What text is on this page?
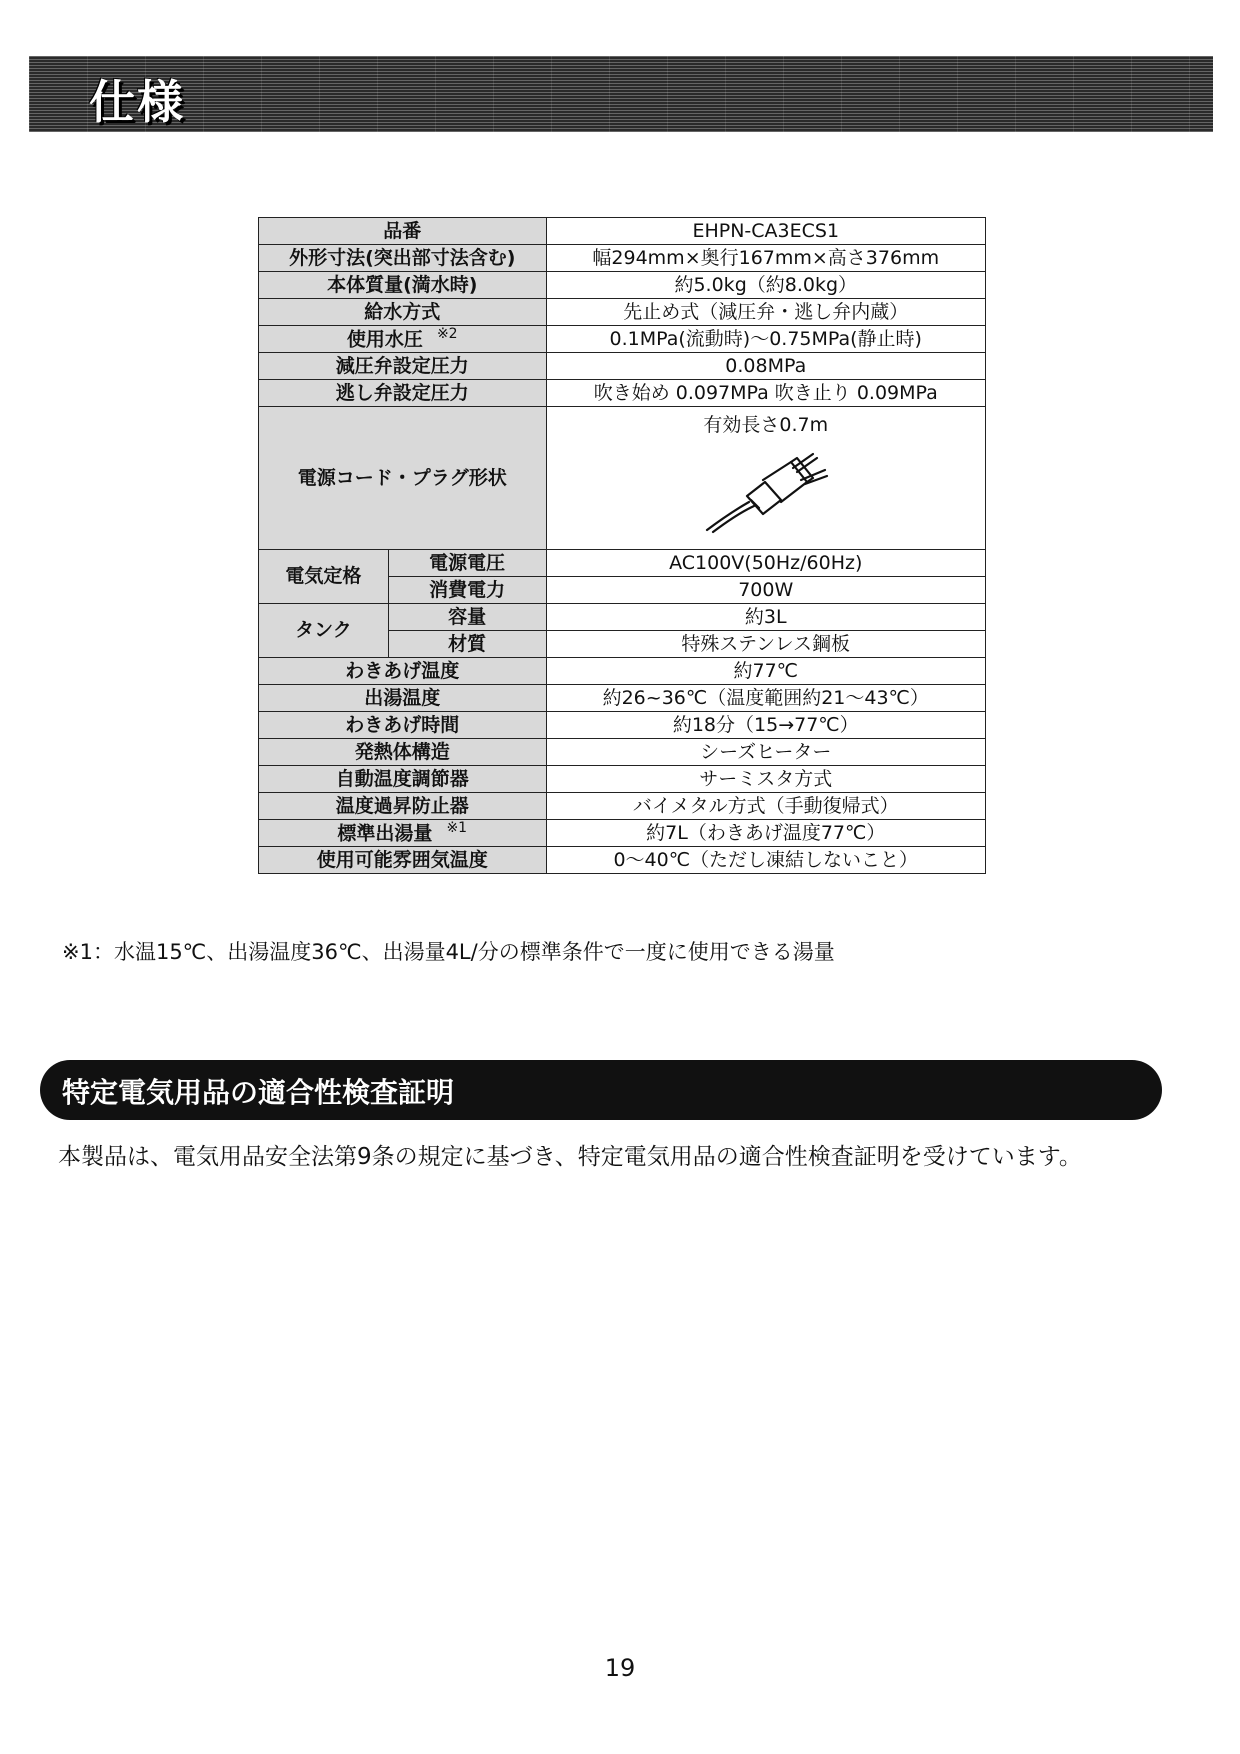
仕様
品番		EHPN-CA3ECS1
外形寸法(突出部寸法含む)		幅294mm×奥行167mm×高さ376mm
本体質量(満水時)		約5.0kg（約8.0kg）
給水方式		先止め式（減圧弁・逃し弁内蔵）
使用水圧 $^{※2}$		0.1MPa(流動時)〜0.75MPa(静止時)
減圧弁設定圧力		0.08MPa
逃し弁設定圧力		吹き始め 0.097MPa 吹き止り 0.09MPa
電源コード・プラグ形状		有効長さ0.7m

電気定格	電源電圧	AC100V(50Hz/60Hz)
	消費電力	700W
タンク	容量	約3L
	材質	特殊ステンレス鋼板
わきあげ温度		約77℃
出湯温度		約26~36℃（温度範囲約21〜43℃）
わきあげ時間		約18分（15→77℃）
発熱体構造		シーズヒーター
自動温度調節器		サーミスタ方式
温度過昇防止器		バイメタル方式（手動復帰式）
標準出湯量 $^{※1}$		約7L（わきあげ温度77℃）
使用可能雰囲気温度		0〜40℃（ただし凍結しないこと）
※1：水温15℃、出湯温度36℃、出湯量4L/分の標準条件で一度に使用できる湯量
特定電気用品の適合性検査証明
本製品は、電気用品安全法第9条の規定に基づき、特定電気用品の適合性検査証明を受けています。
19
